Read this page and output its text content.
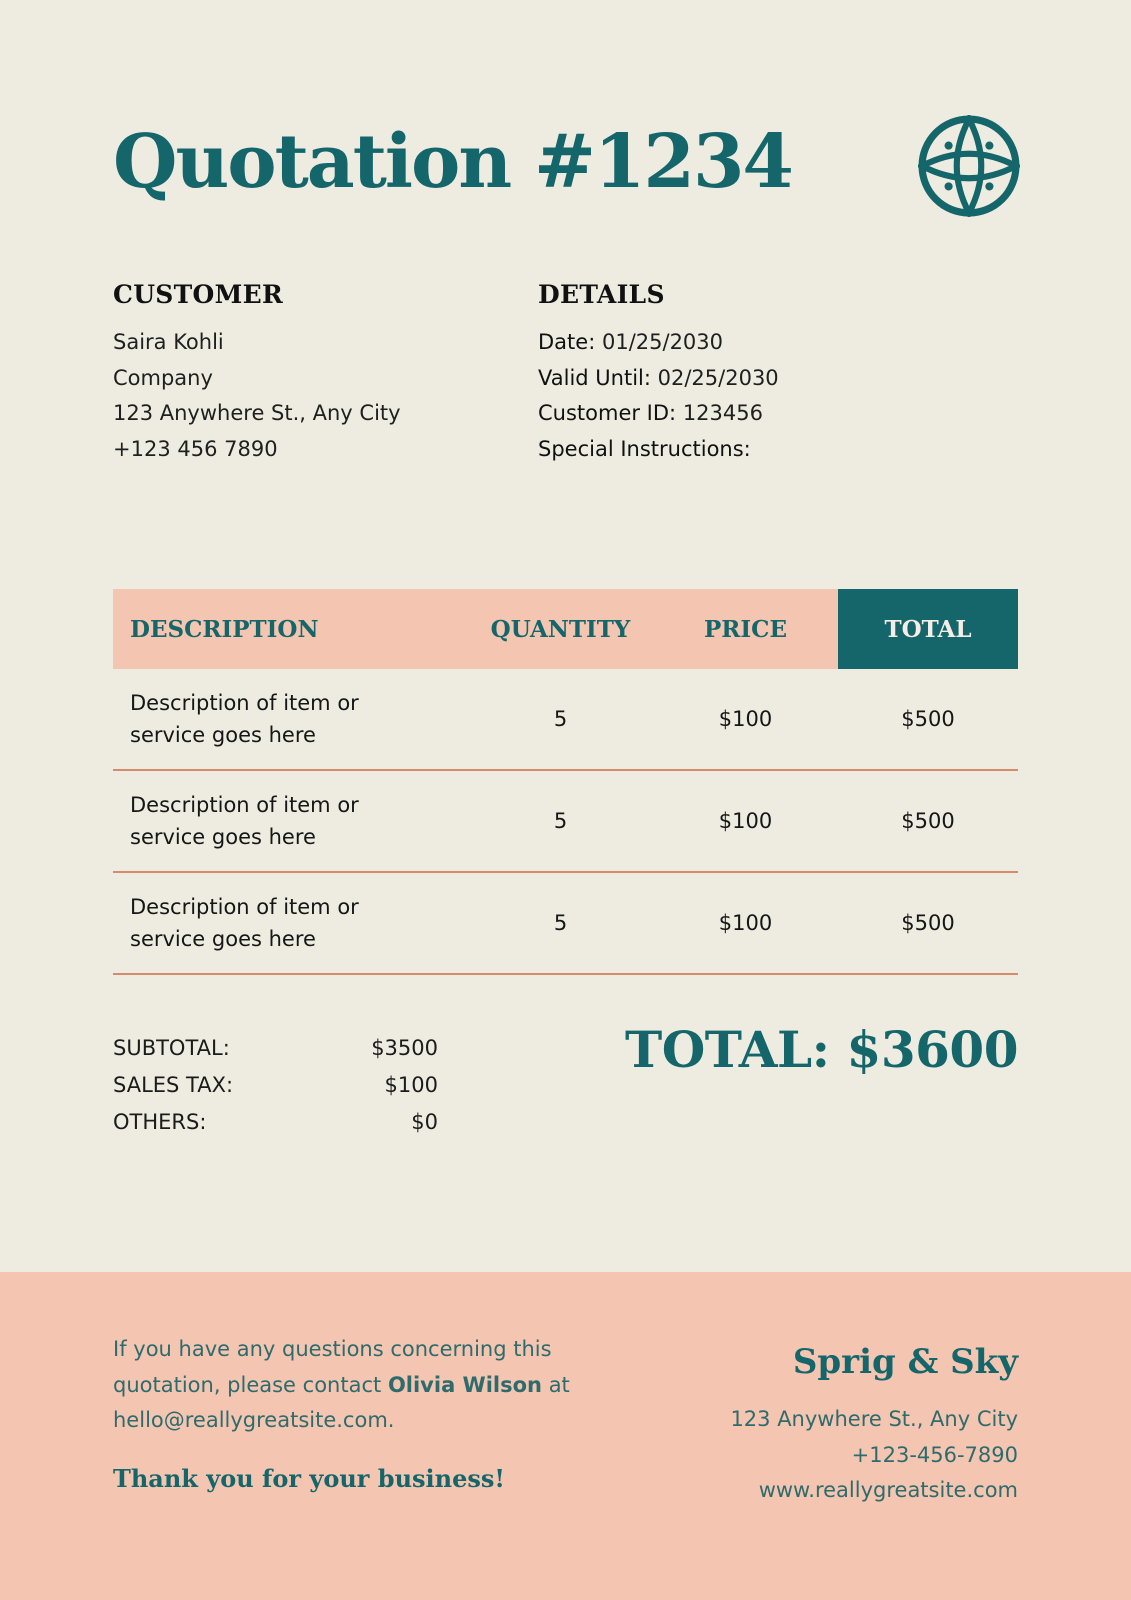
Quotation #1234
CUSTOMER
Saira Kohli
Company
123 Anywhere St., Any City
+123 456 7890
DETAILS
Date: 01/25/2030
Valid Until: 02/25/2030
Customer ID: 123456
Special Instructions:
DESCRIPTION	QUANTITY	PRICE	TOTAL
Description of item or
service goes here
5	$100	$500
Description of item or
service goes here
5	$100	$500
Description of item or
service goes here
5	$100	$500
SUBTOTAL:	$3500
SALES TAX:	$100
OTHERS:	$0
TOTAL: $3600
If you have any questions concerning this quotation, please contact Olivia Wilson at hello@reallygreatsite.com.
Thank you for your business!
Sprig & Sky
123 Anywhere St., Any City
+123-456-7890
www.reallygreatsite.com
